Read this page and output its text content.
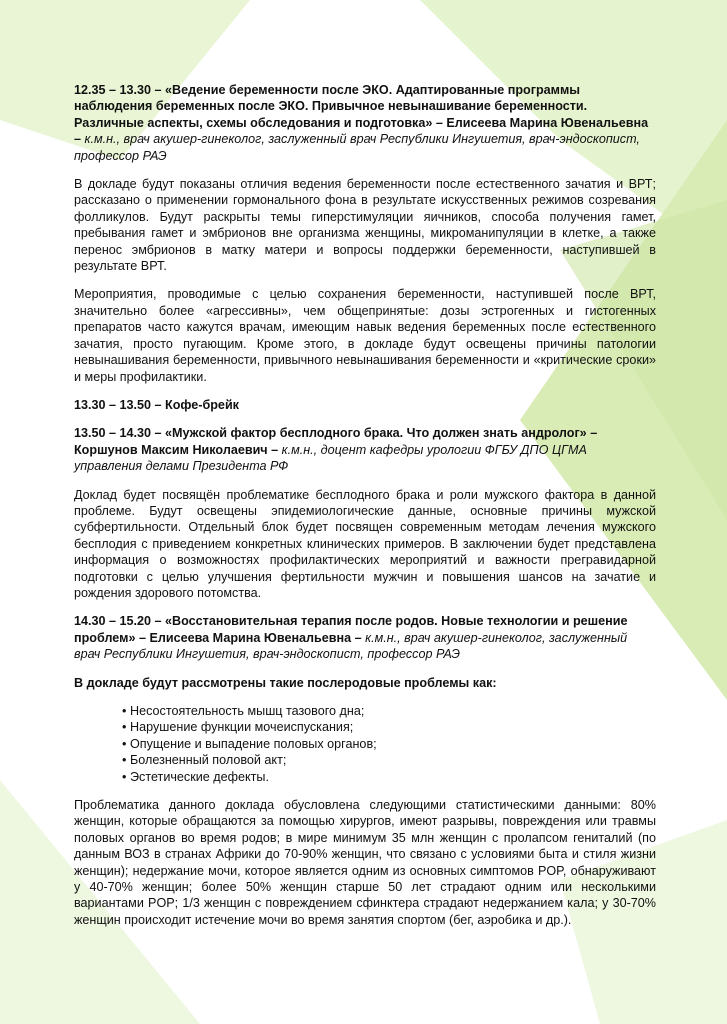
12.35 – 13.30 – «Ведение беременности после ЭКО. Адаптированные программы наблюдения беременных после ЭКО. Привычное невынашивание беременности. Различные аспекты, схемы обследования и подготовка» – Елисеева Марина Ювенальевна – к.м.н., врач акушер-гинеколог, заслуженный врач Республики Ингушетия, врач-эндоскопист, профессор РАЭ
В докладе будут показаны отличия ведения беременности после естественного зачатия и ВРТ; рассказано о применении гормонального фона в результате искусственных режимов созревания фолликулов. Будут раскрыты темы гиперстимуляции яичников, способа получения гамет, пребывания гамет и эмбрионов вне организма женщины, микроманипуляции в клетке, а также перенос эмбрионов в матку матери и вопросы поддержки беременности, наступившей в результате ВРТ.
Мероприятия, проводимые с целью сохранения беременности, наступившей после ВРТ, значительно более «агрессивны», чем общепринятые: дозы эстрогенных и гистогенных препаратов часто кажутся врачам, имеющим навык ведения беременных после естественного зачатия, просто пугающим. Кроме этого, в докладе будут освещены причины патологии невынашивания беременности, привычного невынашивания беременности и «критические сроки» и меры профилактики.
13.30 – 13.50 – Кофе-брейк
13.50 – 14.30 – «Мужской фактор бесплодного брака. Что должен знать андролог» – Коршунов Максим Николаевич – к.м.н., доцент кафедры урологии ФГБУ ДПО ЦГМА управления делами Президента РФ
Доклад будет посвящён проблематике бесплодного брака и роли мужского фактора в данной проблеме. Будут освещены эпидемиологические данные, основные причины мужской субфертильности. Отдельный блок будет посвящен современным методам лечения мужского бесплодия с приведением конкретных клинических примеров. В заключении будет представлена информация о возможностях профилактических мероприятий и важности прегравидарной подготовки с целью улучшения фертильности мужчин и повышения шансов на зачатие и рождения здорового потомства.
14.30 – 15.20 – «Восстановительная терапия после родов. Новые технологии и решение проблем» – Елисеева Марина Ювенальевна – к.м.н., врач акушер-гинеколог, заслуженный врач Республики Ингушетия, врач-эндоскопист, профессор РАЭ
В докладе будут рассмотрены такие послеродовые проблемы как:
• Несостоятельность мышц тазового дна;
• Нарушение функции мочеиспускания;
• Опущение и выпадение половых органов;
• Болезненный половой акт;
• Эстетические дефекты.
Проблематика данного доклада обусловлена следующими статистическими данными: 80% женщин, которые обращаются за помощью хирургов, имеют разрывы, повреждения или травмы половых органов во время родов; в мире минимум 35 млн женщин с пролапсом гениталий (по данным ВОЗ в странах Африки до 70-90% женщин, что связано с условиями быта и стиля жизни женщин); недержание мочи, которое является одним из основных симптомов POP, обнаруживают у 40-70% женщин; более 50% женщин старше 50 лет страдают одним или несколькими вариантами POP; 1/3 женщин с повреждением сфинктера страдают недержанием кала; у 30-70% женщин происходит истечение мочи во время занятия спортом (бег, аэробика и др.).
